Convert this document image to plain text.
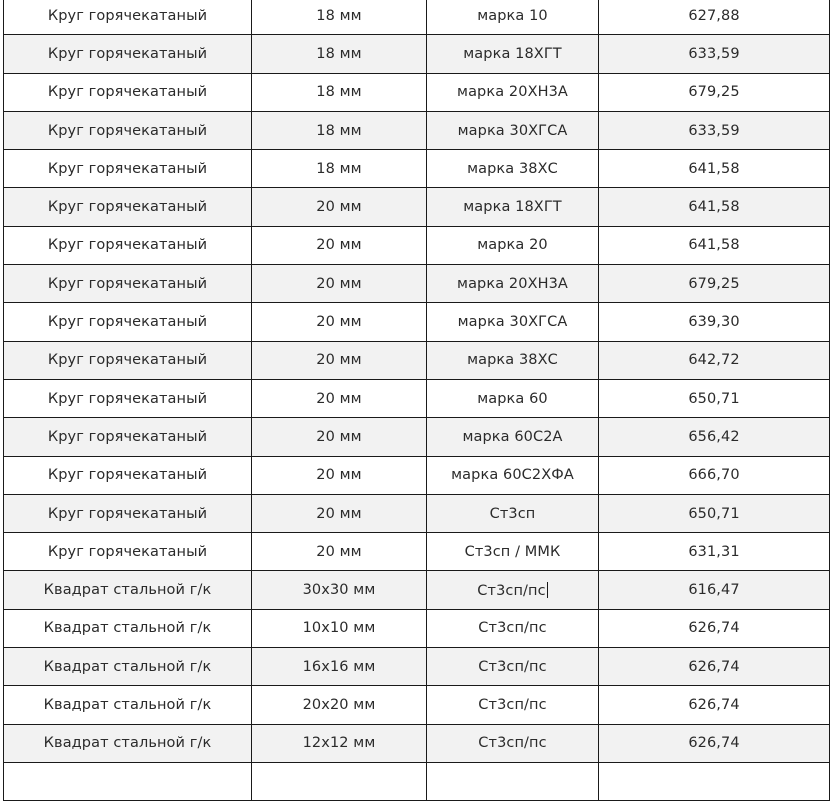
Круг горячекатаный	18 мм	марка 10	627,88
Круг горячекатаный	18 мм	марка 18ХГТ	633,59
Круг горячекатаный	18 мм	марка 20ХН3А	679,25
Круг горячекатаный	18 мм	марка 30ХГСА	633,59
Круг горячекатаный	18 мм	марка 38ХС	641,58
Круг горячекатаный	20 мм	марка 18ХГТ	641,58
Круг горячекатаный	20 мм	марка 20	641,58
Круг горячекатаный	20 мм	марка 20ХН3А	679,25
Круг горячекатаный	20 мм	марка 30ХГСА	639,30
Круг горячекатаный	20 мм	марка 38ХС	642,72
Круг горячекатаный	20 мм	марка 60	650,71
Круг горячекатаный	20 мм	марка 60С2А	656,42
Круг горячекатаный	20 мм	марка 60С2ХФА	666,70
Круг горячекатаный	20 мм	Ст3сп	650,71
Круг горячекатаный	20 мм	Ст3сп / ММК	631,31
Квадрат стальной г/к	30х30 мм	Ст3сп/пс	616,47
Квадрат стальной г/к	10х10 мм	Ст3сп/пс	626,74
Квадрат стальной г/к	16х16 мм	Ст3сп/пс	626,74
Квадрат стальной г/к	20х20 мм	Ст3сп/пс	626,74
Квадрат стальной г/к	12х12 мм	Ст3сп/пс	626,74
